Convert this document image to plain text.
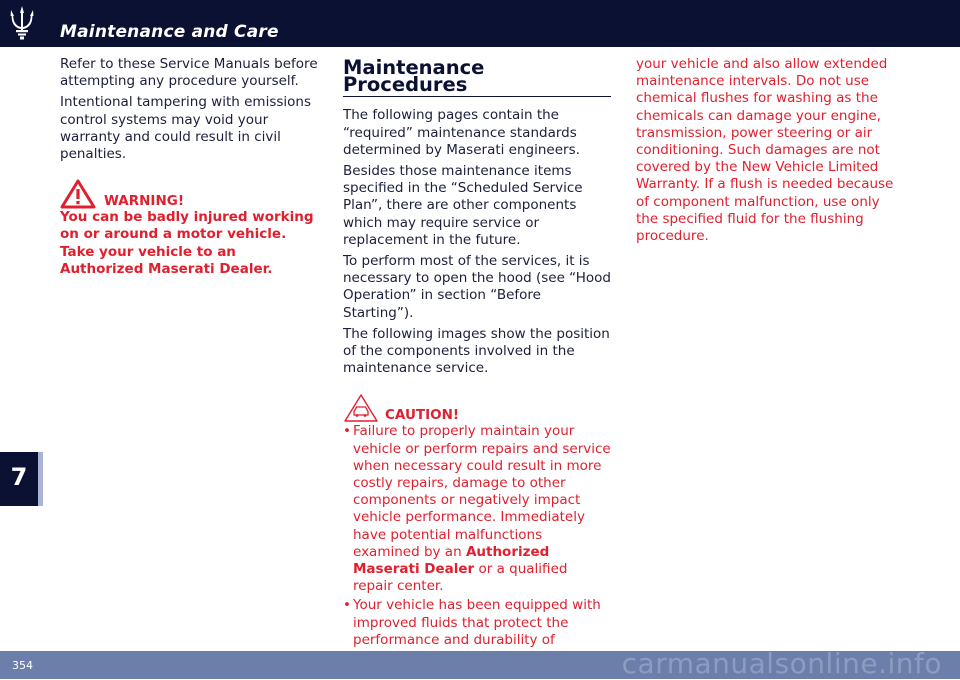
Maintenance and Care

Refer to these Service Manuals before attempting any procedure yourself.

Intentional tampering with emissions control systems may void your warranty and could result in civil penalties.

WARNING!

You can be badly injured working on or around a motor vehicle. Take your vehicle to an Authorized Maserati Dealer.

Maintenance Procedures

The following pages contain the “required” maintenance standards determined by Maserati engineers.

Besides those maintenance items specified in the “Scheduled Service Plan”, there are other components which may require service or replacement in the future.

To perform most of the services, it is necessary to open the hood (see “Hood Operation” in section “Before Starting”).

The following images show the position of the components involved in the maintenance service.

CAUTION!
• Failure to properly maintain your vehicle or perform repairs and service when necessary could result in more costly repairs, damage to other components or negatively impact vehicle performance. Immediately have potential malfunctions examined by an Authorized Maserati Dealer or a qualified repair center.
• Your vehicle has been equipped with improved fluids that protect the performance and durability of

your vehicle and also allow extended maintenance intervals. Do not use chemical flushes for washing as the chemicals can damage your engine, transmission, power steering or air conditioning. Such damages are not covered by the New Vehicle Limited Warranty. If a flush is needed because of component malfunction, use only the specified fluid for the flushing procedure.

7
354	carmanualsonline.info
